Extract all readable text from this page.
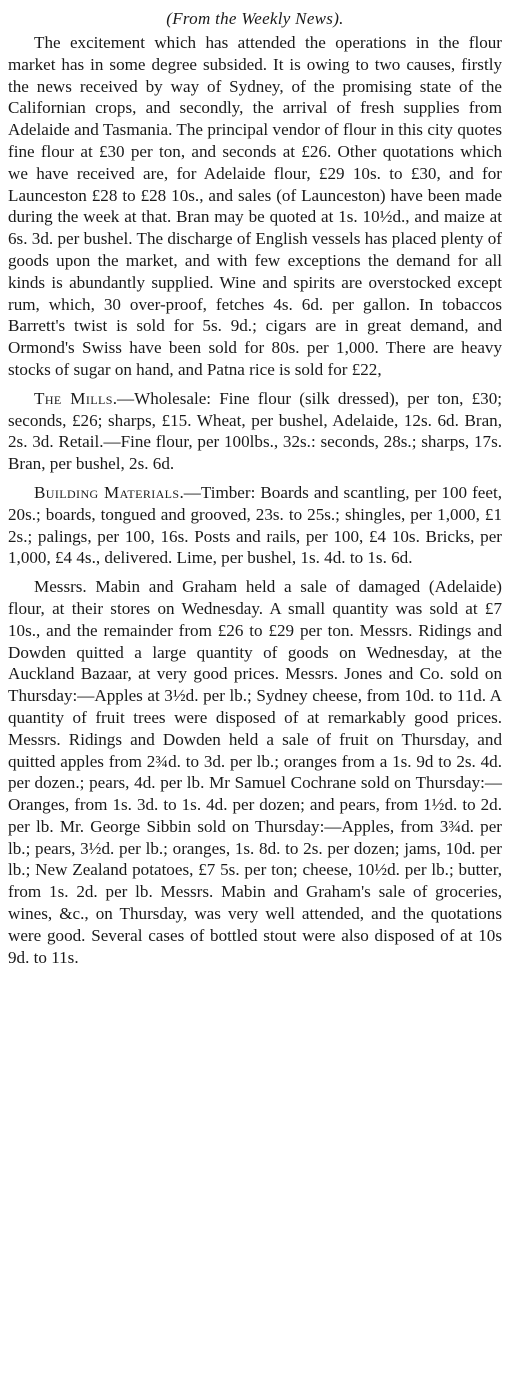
(From the Weekly News).

The excitement which has attended the operations in the flour market has in some degree subsided. It is owing to two causes, firstly the news received by way of Sydney, of the promising state of the Californian crops, and secondly, the arrival of fresh supplies from Adelaide and Tasmania. The principal vendor of flour in this city quotes fine flour at £30 per ton, and seconds at £26. Other quotations which we have received are, for Adelaide flour, £29 10s. to £30, and for Launceston £28 to £28 10s., and sales (of Launceston) have been made during the week at that. Bran may be quoted at 1s. 10½d., and maize at 6s. 3d. per bushel. The discharge of English vessels has placed plenty of goods upon the market, and with few exceptions the demand for all kinds is abundantly supplied. Wine and spirits are overstocked except rum, which, 30 over-proof, fetches 4s. 6d. per gallon. In tobaccos Barrett's twist is sold for 5s. 9d.; cigars are in great demand, and Ormond's Swiss have been sold for 80s. per 1,000. There are heavy stocks of sugar on hand, and Patna rice is sold for £22,

The Mills.—Wholesale: Fine flour (silk dressed), per ton, £30; seconds, £26; sharps, £15. Wheat, per bushel, Adelaide, 12s. 6d. Bran, 2s. 3d. Retail.—Fine flour, per 100lbs., 32s.: seconds, 28s.; sharps, 17s. Bran, per bushel, 2s. 6d.

Building Materials.—Timber: Boards and scantling, per 100 feet, 20s.; boards, tongued and grooved, 23s. to 25s.; shingles, per 1,000, £1 2s.; palings, per 100, 16s. Posts and rails, per 100, £4 10s. Bricks, per 1,000, £4 4s., delivered. Lime, per bushel, 1s. 4d. to 1s. 6d.

Messrs. Mabin and Graham held a sale of damaged (Adelaide) flour, at their stores on Wednesday. A small quantity was sold at £7 10s., and the remainder from £26 to £29 per ton. Messrs. Ridings and Dowden quitted a large quantity of goods on Wednesday, at the Auckland Bazaar, at very good prices. Messrs. Jones and Co. sold on Thursday:—Apples at 3½d. per lb.; Sydney cheese, from 10d. to 11d. A quantity of fruit trees were disposed of at remarkably good prices. Messrs. Ridings and Dowden held a sale of fruit on Thursday, and quitted apples from 2¾d. to 3d. per lb.; oranges from a 1s. 9d to 2s. 4d. per dozen.; pears, 4d. per lb. Mr Samuel Cochrane sold on Thursday:—Oranges, from 1s. 3d. to 1s. 4d. per dozen; and pears, from 1½d. to 2d. per lb. Mr. George Sibbin sold on Thursday:—Apples, from 3¾d. per lb.; pears, 3½d. per lb.; oranges, 1s. 8d. to 2s. per dozen; jams, 10d. per lb.; New Zealand potatoes, £7 5s. per ton; cheese, 10½d. per lb.; butter, from 1s. 2d. per lb. Messrs. Mabin and Graham's sale of groceries, wines, &c., on Thursday, was very well attended, and the quotations were good. Several cases of bottled stout were also disposed of at 10s 9d. to 11s.
